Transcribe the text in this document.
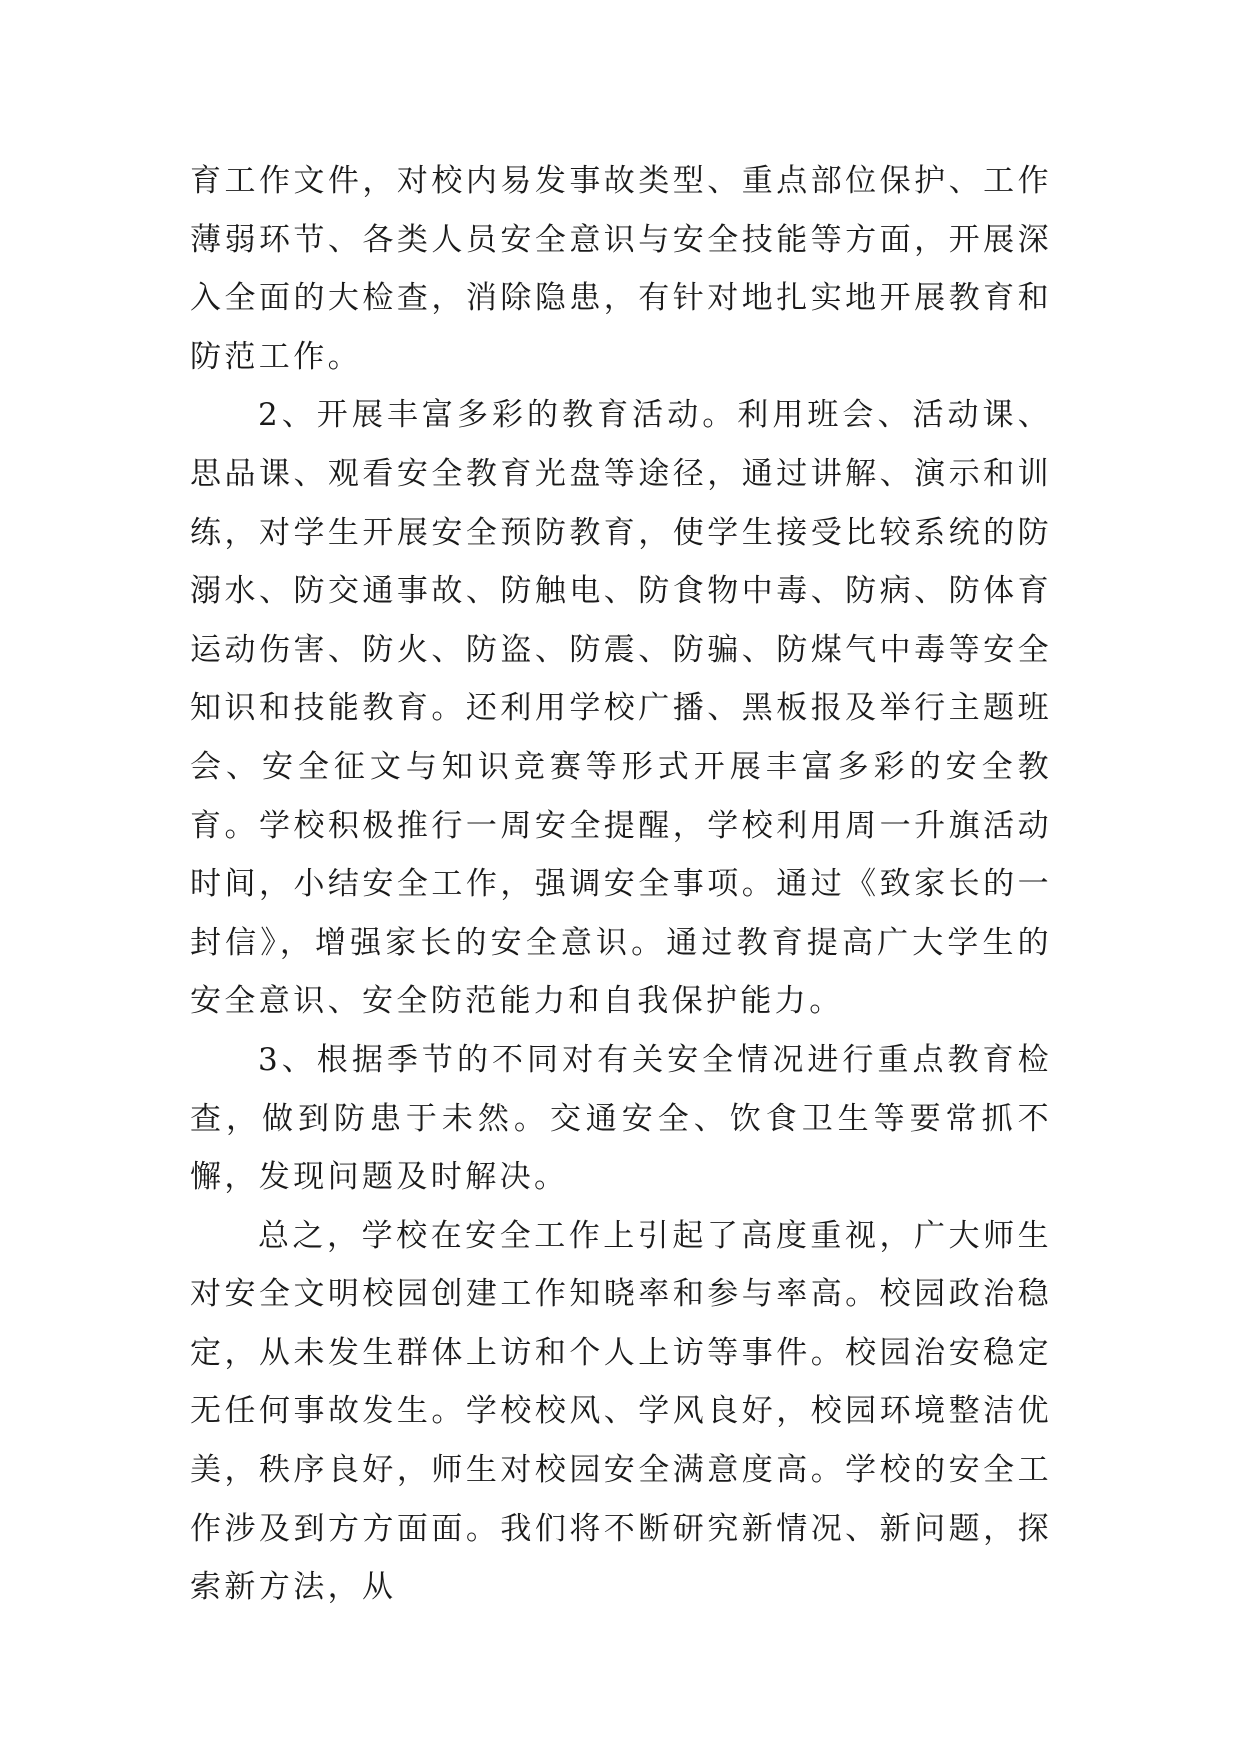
育工作文件，对校内易发事故类型、重点部位保护、工作薄弱环节、各类人员安全意识与安全技能等方面，开展深入全面的大检查，消除隐患，有针对地扎实地开展教育和防范工作。

2、开展丰富多彩的教育活动。利用班会、活动课、思品课、观看安全教育光盘等途径，通过讲解、演示和训练，对学生开展安全预防教育，使学生接受比较系统的防溺水、防交通事故、防触电、防食物中毒、防病、防体育运动伤害、防火、防盗、防震、防骗、防煤气中毒等安全知识和技能教育。还利用学校广播、黑板报及举行主题班会、安全征文与知识竞赛等形式开展丰富多彩的安全教育。学校积极推行一周安全提醒，学校利用周一升旗活动时间，小结安全工作，强调安全事项。通过《致家长的一封信》，增强家长的安全意识。通过教育提高广大学生的安全意识、安全防范能力和自我保护能力。

3、根据季节的不同对有关安全情况进行重点教育检查，做到防患于未然。交通安全、饮食卫生等要常抓不懈，发现问题及时解决。

总之，学校在安全工作上引起了高度重视，广大师生对安全文明校园创建工作知晓率和参与率高。校园政治稳定，从未发生群体上访和个人上访等事件。校园治安稳定无任何事故发生。学校校风、学风良好，校园环境整洁优美，秩序良好，师生对校园安全满意度高。学校的安全工作涉及到方方面面。我们将不断研究新情况、新问题，探索新方法，从
